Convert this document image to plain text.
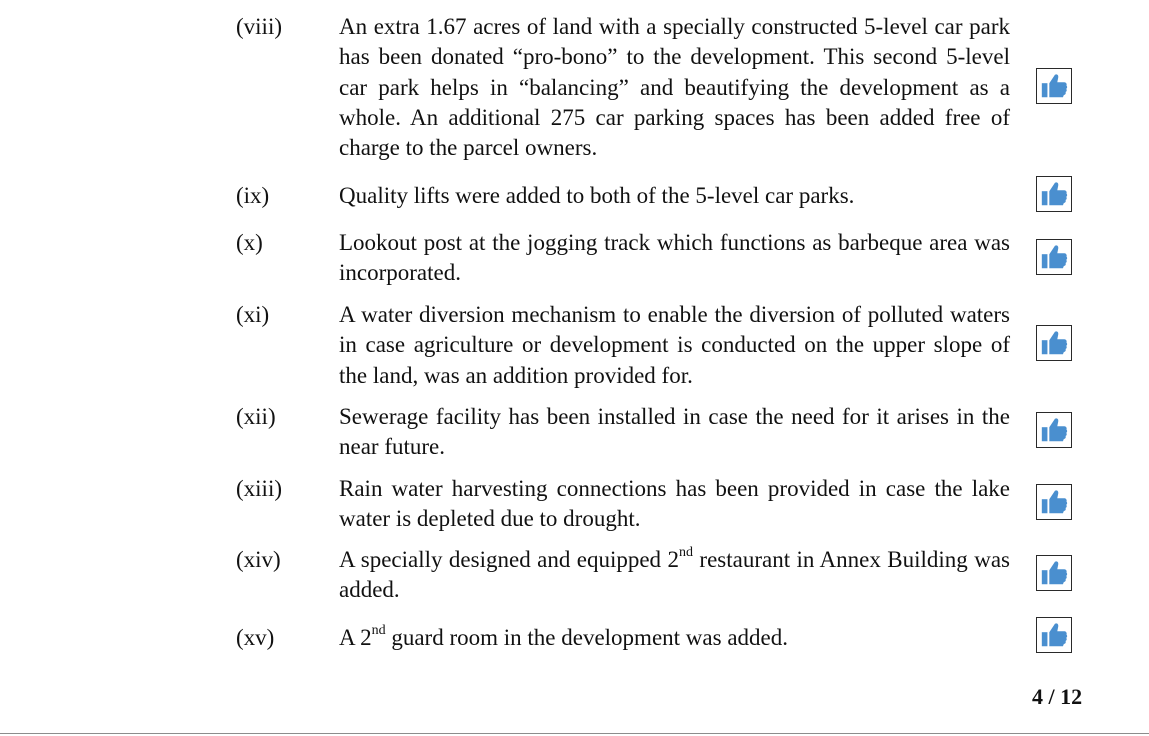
(viii) An extra 1.67 acres of land with a specially constructed 5-level car park has been donated “pro-bono” to the development. This second 5-level car park helps in “balancing” and beautifying the development as a whole. An additional 275 car parking spaces has been added free of charge to the parcel owners.
(ix)	Quality lifts were added to both of the 5-level car parks.
(x)	Lookout post at the jogging track which functions as barbeque area was incorporated.
(xi)	A water diversion mechanism to enable the diversion of polluted waters in case agriculture or development is conducted on the upper slope of the land, was an addition provided for.
(xii)	Sewerage facility has been installed in case the need for it arises in the near future.
(xiii) Rain water harvesting connections has been provided in case the lake water is depleted due to drought.
(xiv)	A specially designed and equipped 2nd restaurant in Annex Building was added.
(xv)	A 2nd guard room in the development was added.
4 / 12
